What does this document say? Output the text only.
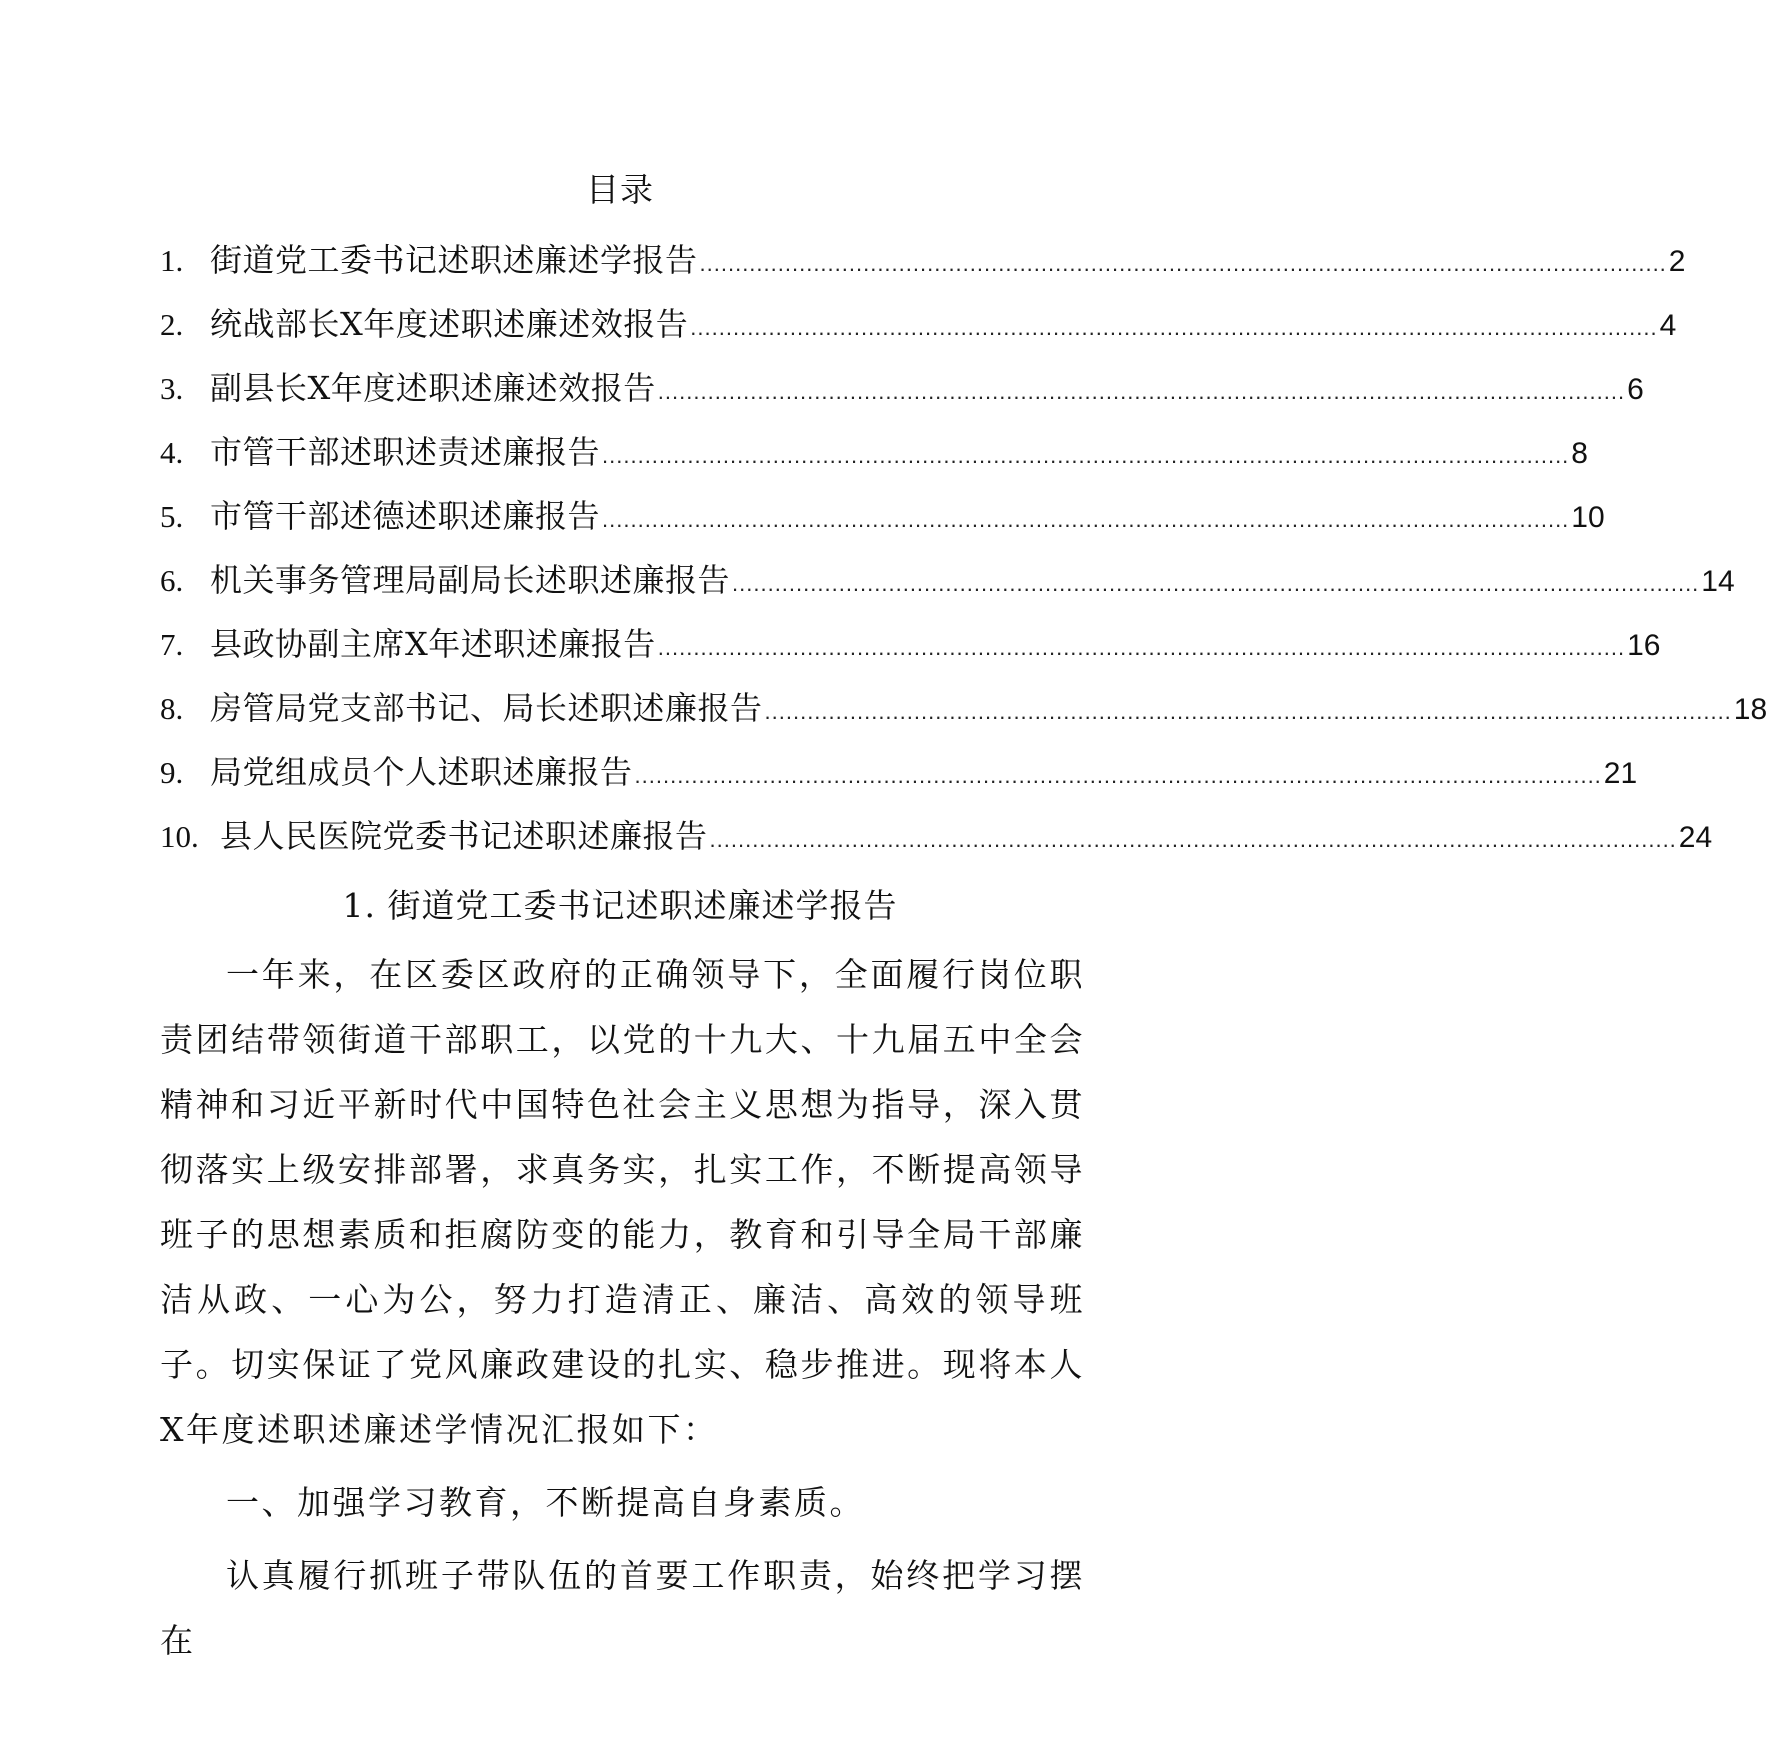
目录
1. 街道党工委书记述职述廉述学报告 ........................................................................................................................................ 2
2. 统战部长X年度述职述廉述效报告 ........................................................................................................................................ 4
3. 副县长X年度述职述廉述效报告 ........................................................................................................................................ 6
4. 市管干部述职述责述廉报告 ........................................................................................................................................ 8
5. 市管干部述德述职述廉报告 ........................................................................................................................................ 10
6. 机关事务管理局副局长述职述廉报告 ........................................................................................................................................ 14
7. 县政协副主席X年述职述廉报告 ........................................................................................................................................ 16
8. 房管局党支部书记、局长述职述廉报告 ........................................................................................................................................ 18
9. 局党组成员个人述职述廉报告 ........................................................................................................................................ 21
10. 县人民医院党委书记述职述廉报告 ........................................................................................................................................ 24
1. 街道党工委书记述职述廉述学报告

一年来，在区委区政府的正确领导下，全面履行岗位职责团结带领街道干部职工，以党的十九大、十九届五中全会精神和习近平新时代中国特色社会主义思想为指导，深入贯彻落实上级安排部署，求真务实，扎实工作，不断提高领导班子的思想素质和拒腐防变的能力，教育和引导全局干部廉洁从政、一心为公，努力打造清正、廉洁、高效的领导班子。切实保证了党风廉政建设的扎实、稳步推进。现将本人X年度述职述廉述学情况汇报如下：

一、加强学习教育，不断提高自身素质。

认真履行抓班子带队伍的首要工作职责，始终把学习摆在
